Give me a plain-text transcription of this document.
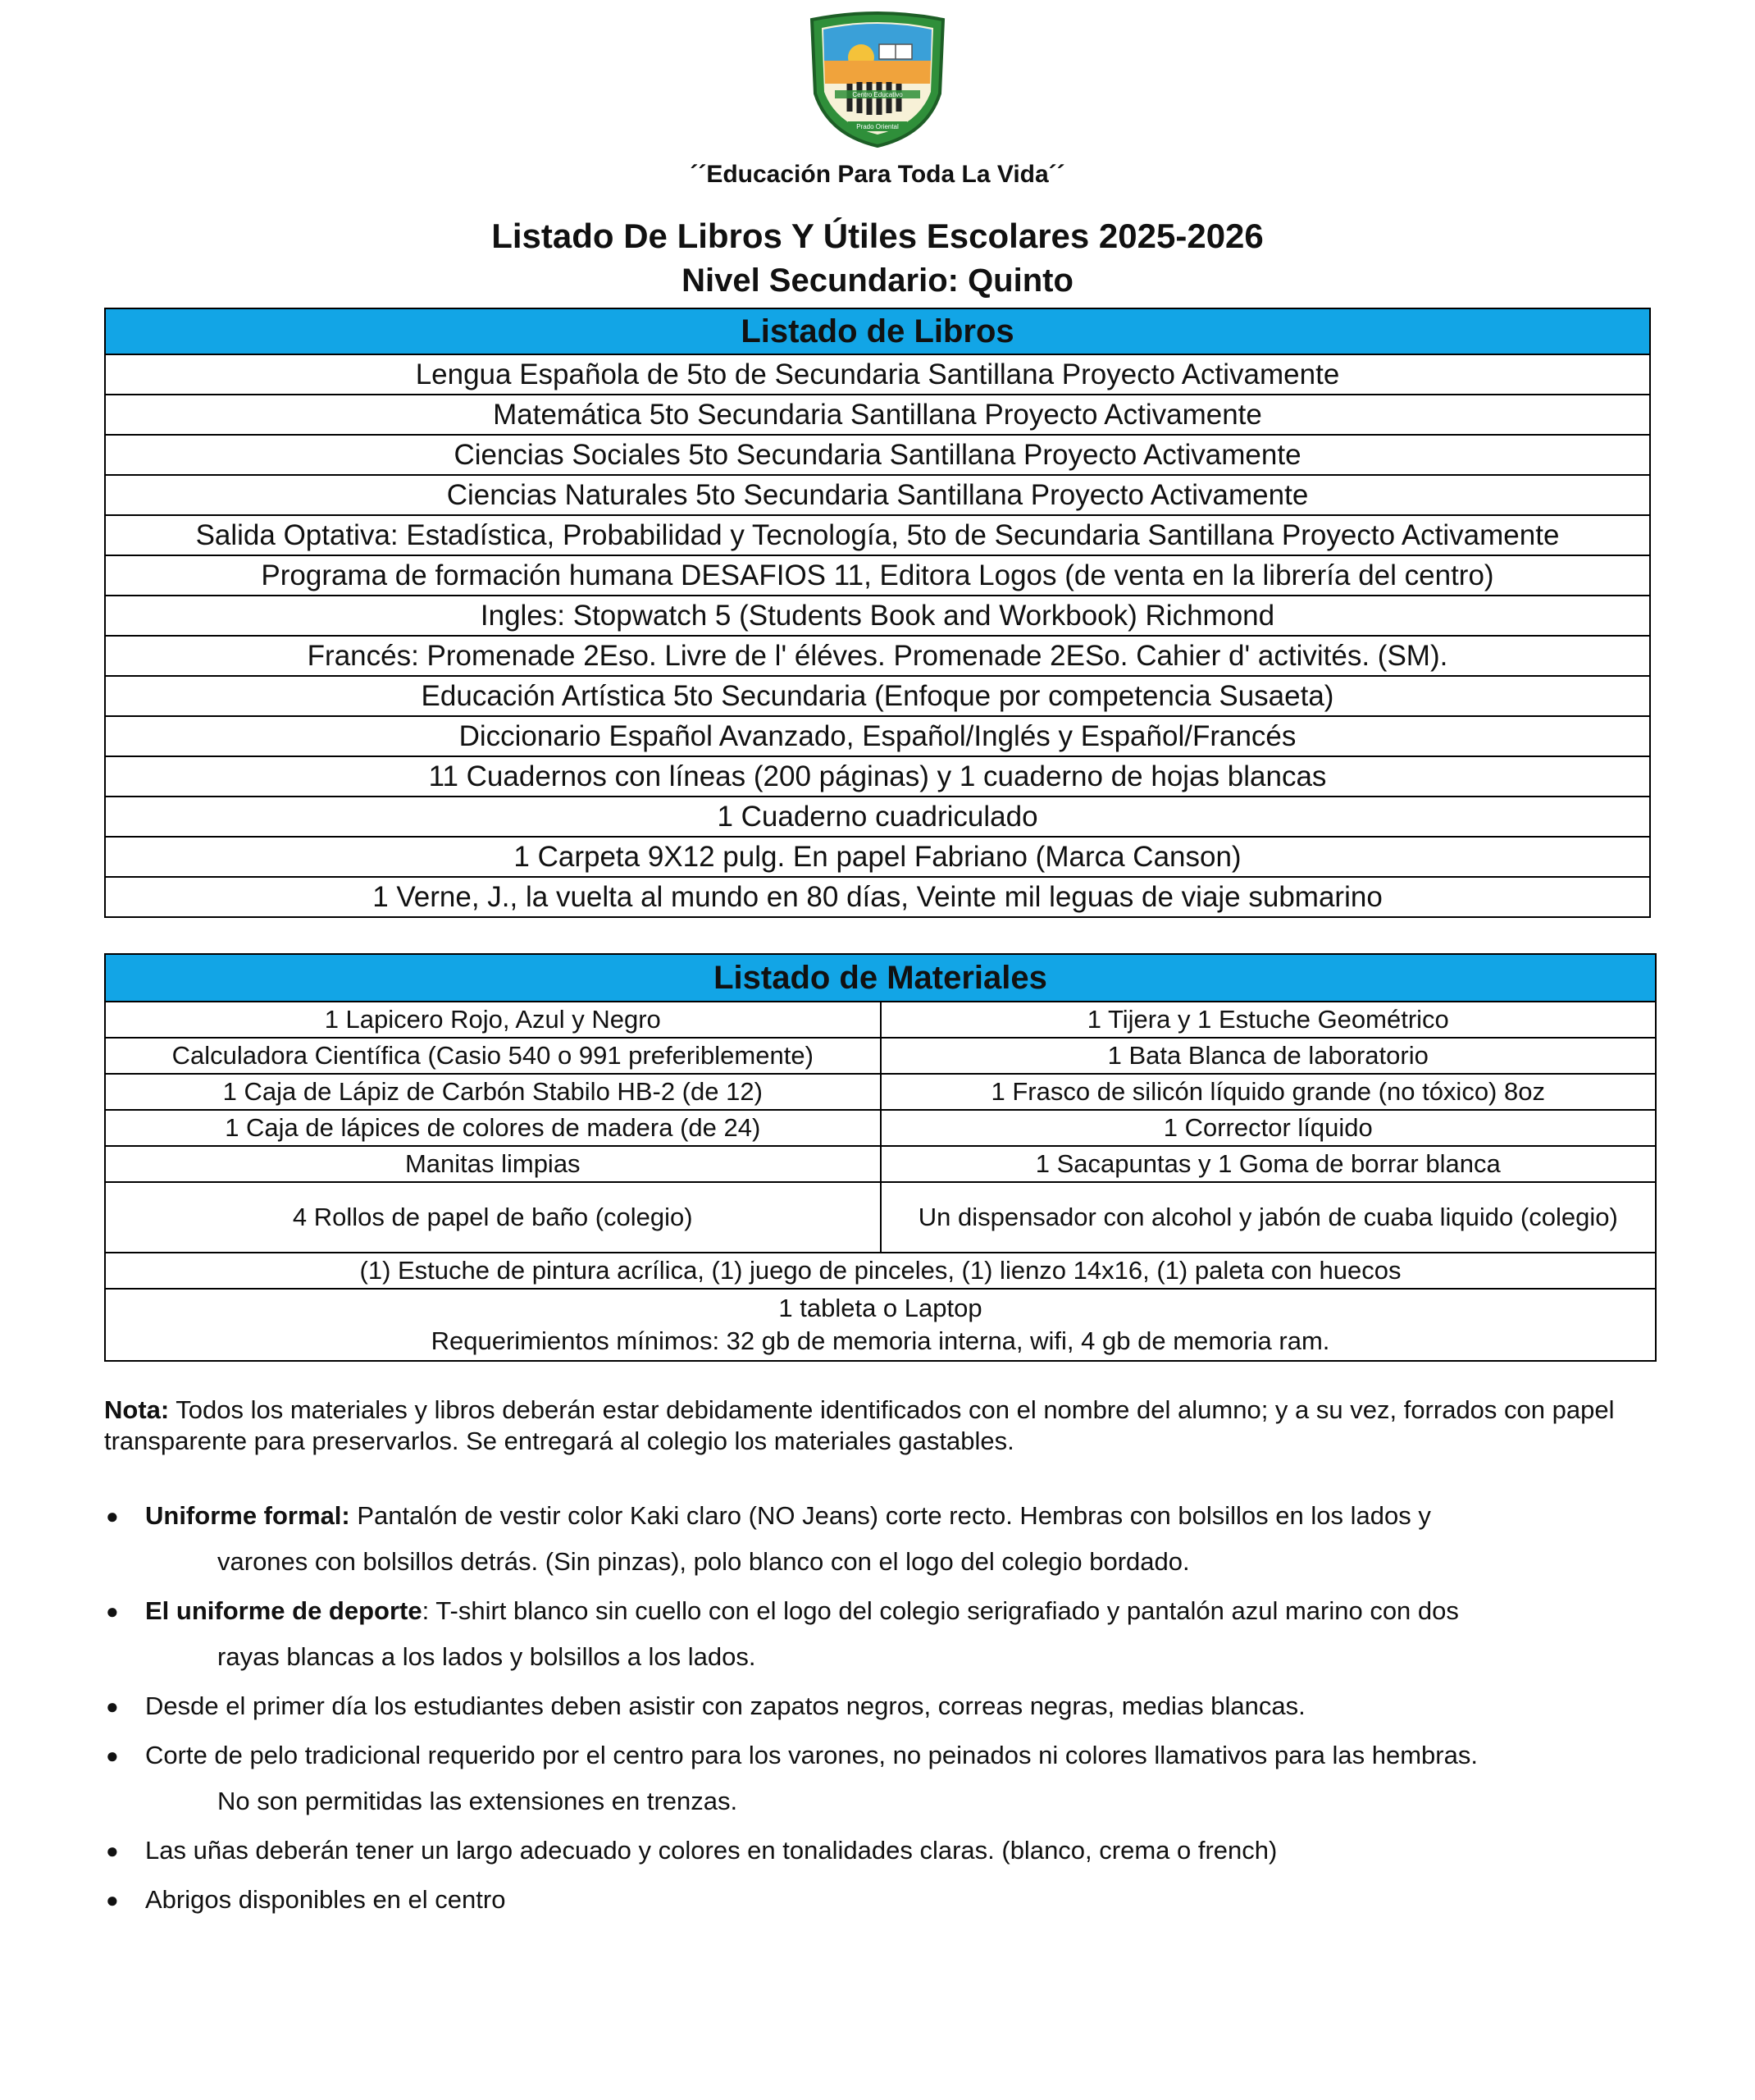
Centro Educativo
Prado Oriental
´´Educación Para Toda La Vida´´
Listado De Libros Y Útiles Escolares 2025-2026
Nivel Secundario: Quinto
Listado de Libros
Lengua Española de 5to de Secundaria Santillana Proyecto Activamente
Matemática 5to Secundaria Santillana Proyecto Activamente
Ciencias Sociales 5to Secundaria Santillana Proyecto Activamente
Ciencias Naturales 5to Secundaria Santillana Proyecto Activamente
Salida Optativa: Estadística, Probabilidad y Tecnología, 5to de Secundaria Santillana Proyecto Activamente
Programa de formación humana DESAFIOS 11, Editora Logos (de venta en la librería del centro)
Ingles: Stopwatch 5 (Students Book and Workbook) Richmond
Francés: Promenade 2Eso. Livre de l' éléves. Promenade 2ESo. Cahier d' activités. (SM).
Educación Artística 5to Secundaria (Enfoque por competencia Susaeta)
Diccionario Español Avanzado, Español/Inglés y Español/Francés
11 Cuadernos con líneas (200 páginas) y 1 cuaderno de hojas blancas
1 Cuaderno cuadriculado
1 Carpeta 9X12 pulg. En papel Fabriano (Marca Canson)
1 Verne, J., la vuelta al mundo en 80 días, Veinte mil leguas de viaje submarino
Listado de Materiales	
1 Lapicero Rojo, Azul y Negro	1 Tijera y 1 Estuche Geométrico
Calculadora Científica (Casio 540 o 991 preferiblemente)	1 Bata Blanca de laboratorio
1 Caja de Lápiz de Carbón Stabilo HB-2 (de 12)	1 Frasco de silicón líquido grande (no tóxico) 8oz
1 Caja de lápices de colores de madera (de 24)	1 Corrector líquido
Manitas limpias	1 Sacapuntas y 1 Goma de borrar blanca
4 Rollos de papel de baño (colegio)	Un dispensador con alcohol y jabón de cuaba liquido (colegio)
(1) Estuche de pintura acrílica, (1) juego de pinceles, (1) lienzo 14x16, (1) paleta con huecos	
1 tableta o Laptop
Requerimientos mínimos: 32 gb de memoria interna, wifi, 4 gb de memoria ram.	
Nota: Todos los materiales y libros deberán estar debidamente identificados con el nombre del alumno; y a su vez, forrados con papel transparente para preservarlos. Se entregará al colegio los materiales gastables.
● Uniforme formal: Pantalón de vestir color Kaki claro (NO Jeans) corte recto. Hembras con bolsillos en los lados y
varones con bolsillos detrás. (Sin pinzas), polo blanco con el logo del colegio bordado.
● El uniforme de deporte: T-shirt blanco sin cuello con el logo del colegio serigrafiado y pantalón azul marino con dos
rayas blancas a los lados y bolsillos a los lados.
● Desde el primer día los estudiantes deben asistir con zapatos negros, correas negras, medias blancas.
● Corte de pelo tradicional requerido por el centro para los varones, no peinados ni colores llamativos para las hembras.
No son permitidas las extensiones en trenzas.
● Las uñas deberán tener un largo adecuado y colores en tonalidades claras. (blanco, crema o french)
● Abrigos disponibles en el centro
